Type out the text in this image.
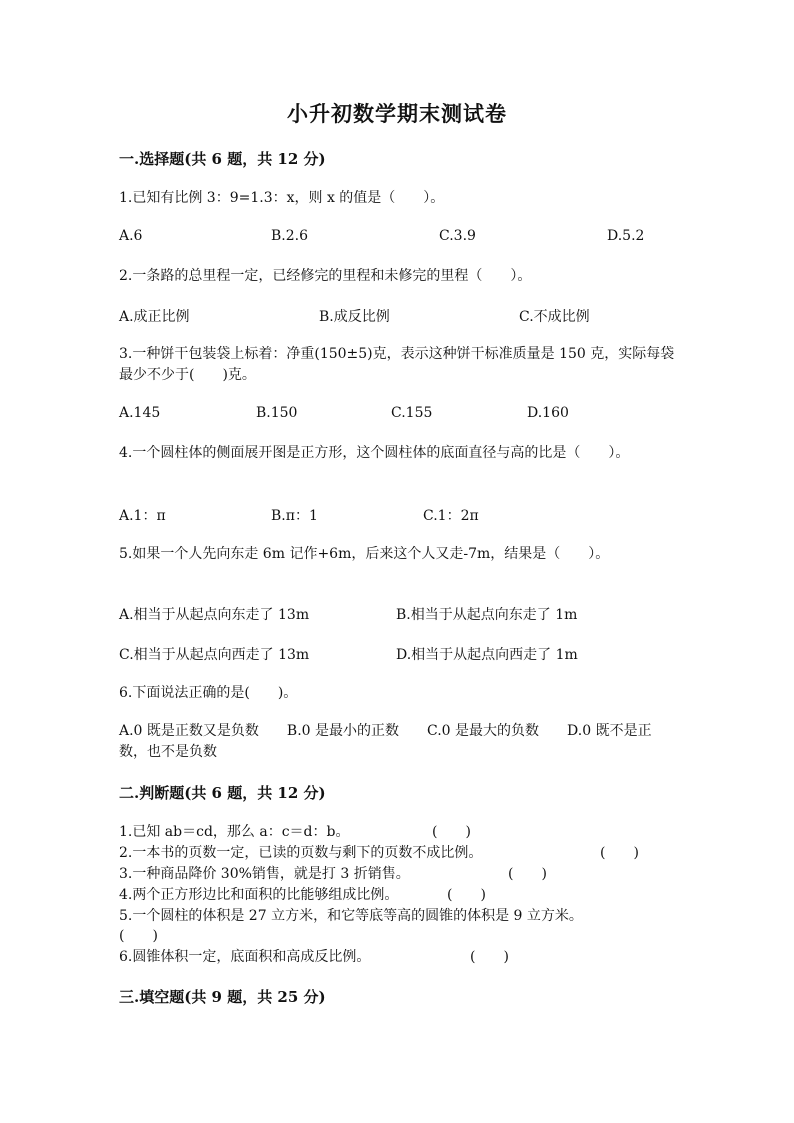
小升初数学期末测试卷
一.选择题(共 6 题，共 12 分)
1.已知有比例 3：9=1.3：x，则 x 的值是（　　）。
A.6	B.2.6	C.3.9	D.5.2
2.一条路的总里程一定，已经修完的里程和未修完的里程（　　）。
A.成正比例	B.成反比例	C.不成比例
3.一种饼干包装袋上标着：净重(150±5)克，表示这种饼干标准质量是 150 克，实际每袋最少不少于(　　)克。
A.145	B.150	C.155	D.160
4.一个圆柱体的侧面展开图是正方形，这个圆柱体的底面直径与高的比是（　　）。
A.1：π	B.π：1	C.1：2π
5.如果一个人先向东走 6m 记作+6m，后来这个人又走-7m，结果是（　　）。
A.相当于从起点向东走了 13m	B.相当于从起点向东走了 1m
C.相当于从起点向西走了 13m	D.相当于从起点向西走了 1m
6.下面说法正确的是(　　)。
A.0 既是正数又是负数　　B.0 是最小的正数　　C.0 是最大的负数　　D.0 既不是正数，也不是负数
二.判断题(共 6 题，共 12 分)
1.已知 ab＝cd，那么 a：c＝d：b。	(　　)
2.一本书的页数一定，已读的页数与剩下的页数不成比例。	(　　)
3.一种商品降价 30%销售，就是打 3 折销售。	(　　)
4.两个正方形边比和面积的比能够组成比例。	(　　)
5.一个圆柱的体积是 27 立方米，和它等底等高的圆锥的体积是 9 立方米。
(　　)
6.圆锥体积一定，底面积和高成反比例。	(　　)
三.填空题(共 9 题，共 25 分)
